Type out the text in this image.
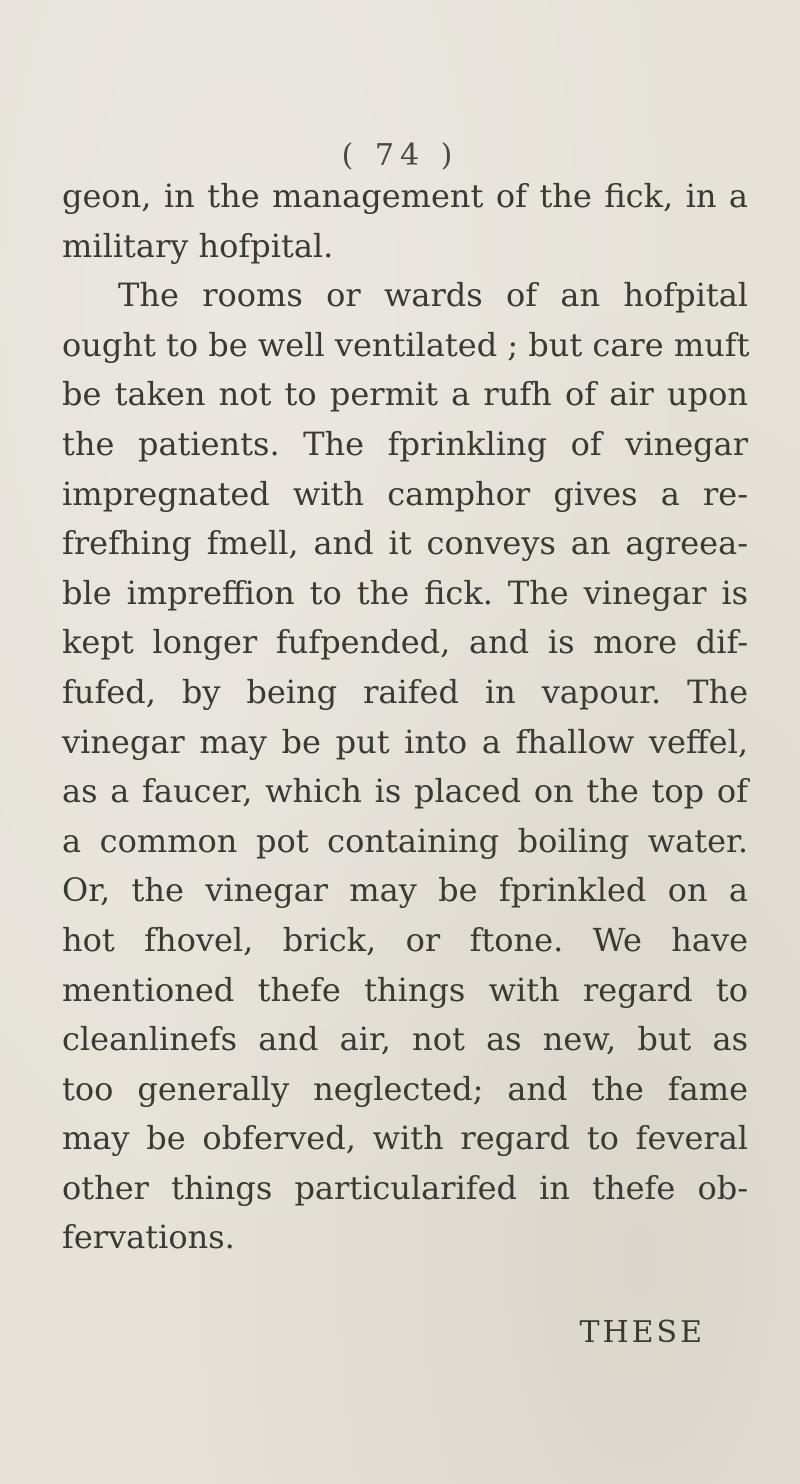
( 74 )
geon, in the management of the fick, in a
military hofpital.
The rooms or wards of an hofpital
ought to be well ventilated ; but care muft
be taken not to permit a rufh of air upon
the patients. The fprinkling of vinegar
impregnated with camphor gives a re-
frefhing fmell, and it conveys an agreea-
ble impreffion to the fick. The vinegar is
kept longer fufpended, and is more dif-
fufed, by being raifed in vapour. The
vinegar may be put into a fhallow veffel,
as a faucer, which is placed on the top of
a common pot containing boiling water.
Or, the vinegar may be fprinkled on a
hot fhovel, brick, or ftone. We have
mentioned thefe things with regard to
cleanlinefs and air, not as new, but as
too generally neglected; and the fame
may be obferved, with regard to feveral
other things particularifed in thefe ob-
fervations.
THESE
